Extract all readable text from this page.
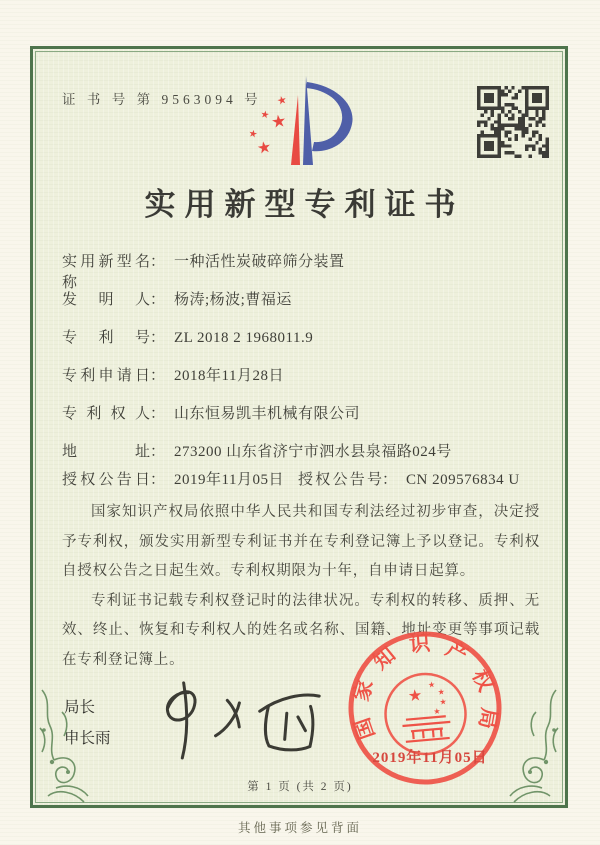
证 书 号 第 9563094 号 ★
★ ★
★
★
实用新型专利证书
实用新型名称
： 一种活性炭破碎筛分装置
发明人 ： 杨涛;杨波;曹福运
专利号 ： ZL 2018 2 1968011.9
专利申请日 ： 2018年11月28日
专利权人 ： 山东恒易凯丰机械有限公司
地址 ： 273200 山东省济宁市泗水县泉福路024号
授权公告日 ： 2019年11月05日 授权公告号 ： CN 209576834 U

国家知识产权局依照中华人民共和国专利法经过初步审查，决定授予专利权，颁发实用新型专利证书并在专利登记簿上予以登记。专利权自授权公告之日起生效。专利权期限为十年，自申请日起算。

专利证书记载专利权登记时的法律状况。专利权的转移、质押、无效、终止、恢复和专利权人的姓名或名称、国籍、地址变更等事项记载在专利登记簿上。

局长
申长雨	国家知识产权局
★
★
★
★
★
2019年11月05日
第 1 页 (共 2 页)
其他事项参见背面
